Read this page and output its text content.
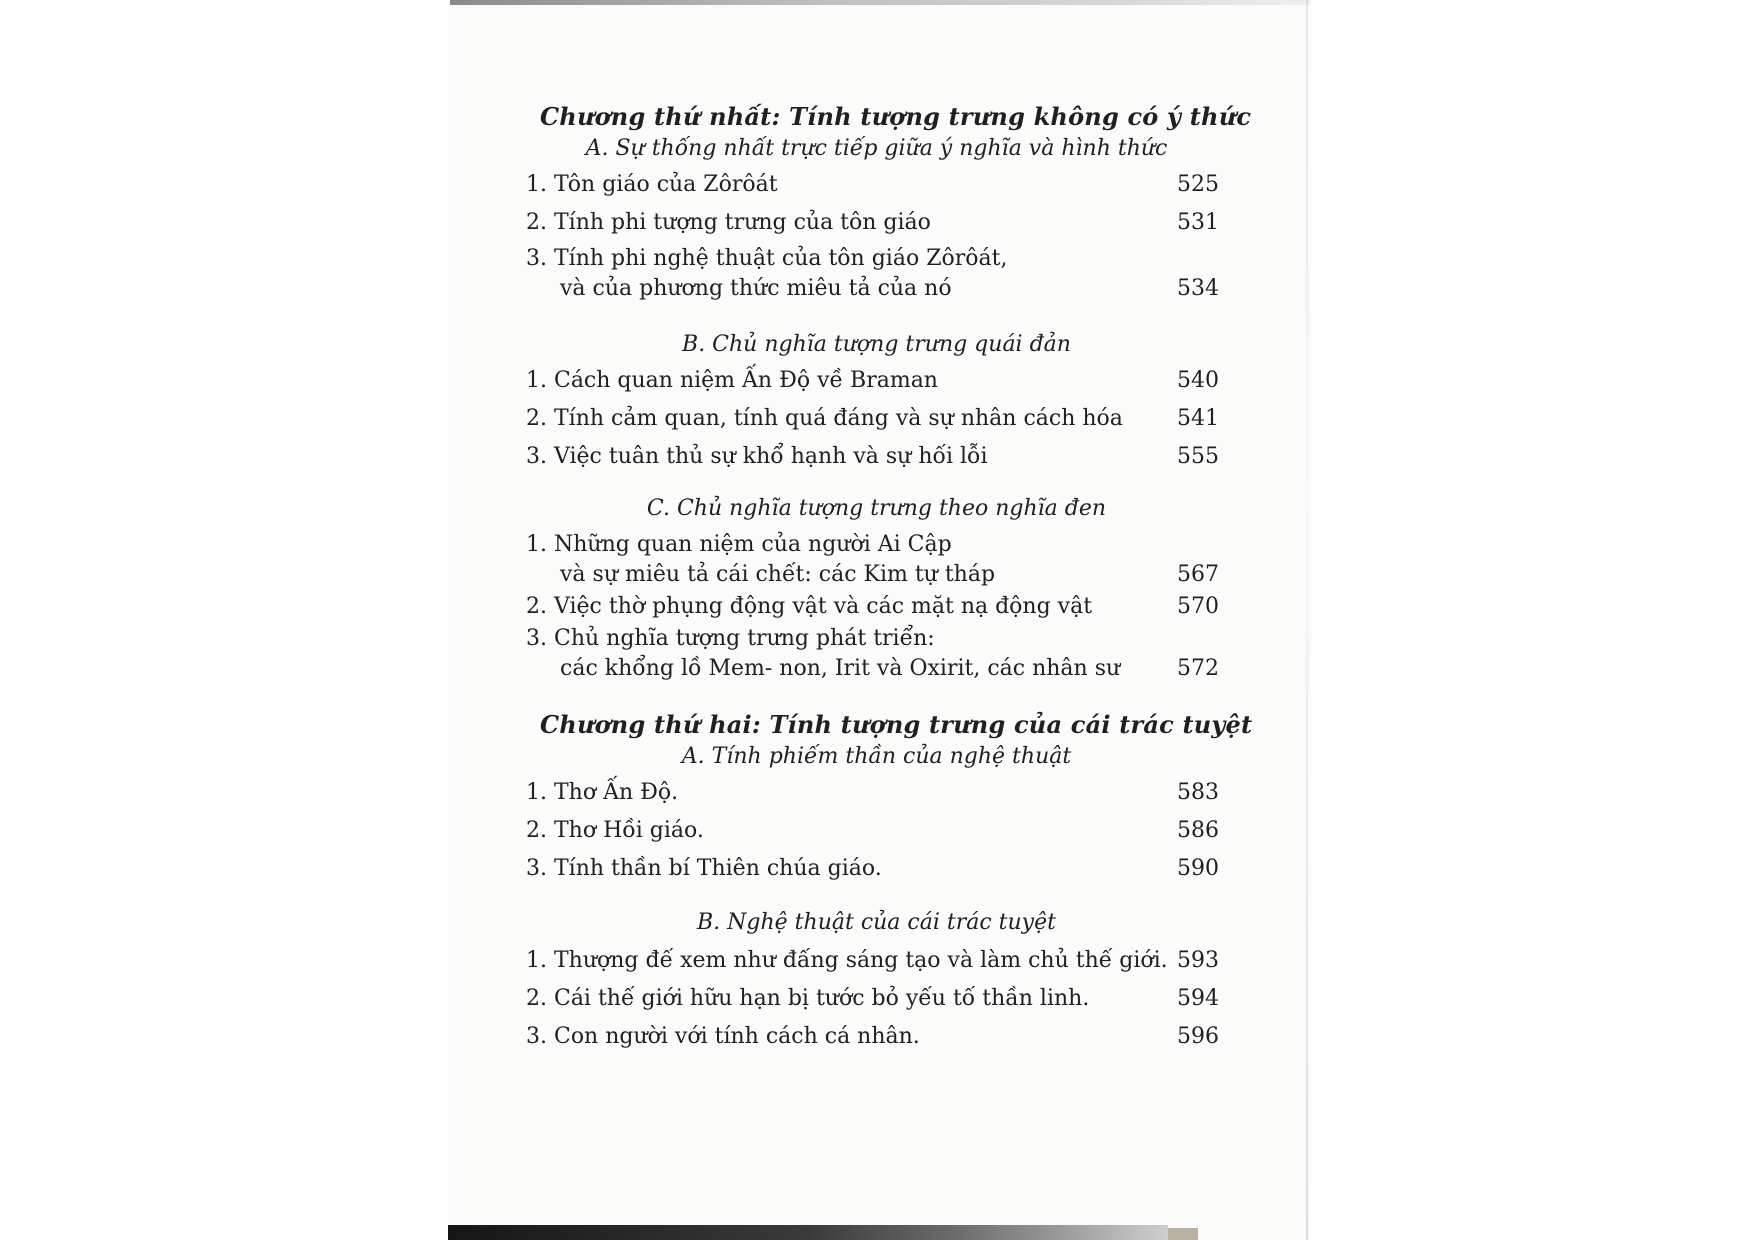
Chương thứ nhất: Tính tượng trưng không có ý thức
A. Sự thống nhất trực tiếp giữa ý nghĩa và hình thức
1. Tôn giáo của Zôrôát	525
2. Tính phi tượng trưng của tôn giáo	531
3. Tính phi nghệ thuật của tôn giáo Zôrôát,
và của phương thức miêu tả của nó	534
B. Chủ nghĩa tượng trưng quái đản
1. Cách quan niệm Ấn Độ về Braman	540
2. Tính cảm quan, tính quá đáng và sự nhân cách hóa 541
3. Việc tuân thủ sự khổ hạnh và sự hối lỗi	555
C. Chủ nghĩa tượng trưng theo nghĩa đen
1. Những quan niệm của người Ai Cập
và sự miêu tả cái chết: các Kim tự tháp	567
2. Việc thờ phụng động vật và các mặt nạ động vật	570
3. Chủ nghĩa tượng trưng phát triển:
các khổng lồ Mem- non, Irit và Oxirit, các nhân sư	572
Chương thứ hai: Tính tượng trưng của cái trác tuyệt
A. Tính phiếm thần của nghệ thuật
1. Thơ Ấn Độ.	583
2. Thơ Hồi giáo.	586
3. Tính thần bí Thiên chúa giáo.	590
B. Nghệ thuật của cái trác tuyệt
1. Thượng đế xem như đấng sáng tạo và làm chủ thế giới. 593
2. Cái thế giới hữu hạn bị tước bỏ yếu tố thần linh.	594
3. Con người với tính cách cá nhân.	596
